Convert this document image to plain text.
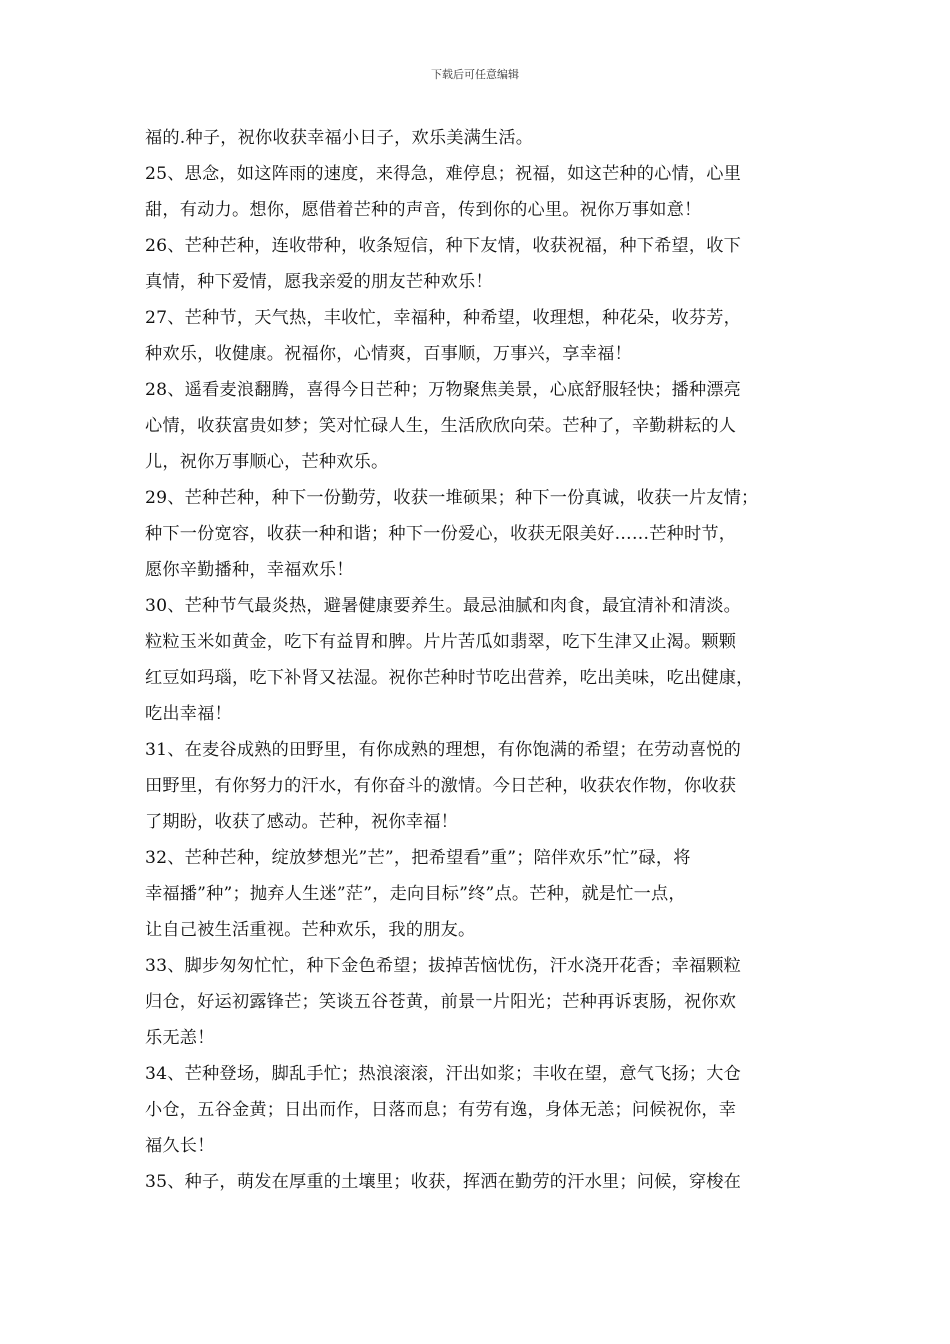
下载后可任意编辑
福的.种子，祝你收获幸福小日子，欢乐美满生活。
25、思念，如这阵雨的速度，来得急，难停息；祝福，如这芒种的心情，心里
甜，有动力。想你，愿借着芒种的声音，传到你的心里。祝你万事如意！
26、芒种芒种，连收带种，收条短信，种下友情，收获祝福，种下希望，收下
真情，种下爱情，愿我亲爱的朋友芒种欢乐！
27、芒种节，天气热，丰收忙，幸福种，种希望，收理想，种花朵，收芬芳，
种欢乐，收健康。祝福你，心情爽，百事顺，万事兴，享幸福！
28、遥看麦浪翻腾，喜得今日芒种；万物聚焦美景，心底舒服轻快；播种漂亮
心情，收获富贵如梦；笑对忙碌人生，生活欣欣向荣。芒种了，辛勤耕耘的人
儿，祝你万事顺心，芒种欢乐。
29、芒种芒种，种下一份勤劳，收获一堆硕果；种下一份真诚，收获一片友情；
种下一份宽容，收获一种和谐；种下一份爱心，收获无限美好……芒种时节，
愿你辛勤播种，幸福欢乐！
30、芒种节气最炎热，避暑健康要养生。最忌油腻和肉食，最宜清补和清淡。
粒粒玉米如黄金，吃下有益胃和脾。片片苦瓜如翡翠，吃下生津又止渴。颗颗
红豆如玛瑙，吃下补肾又祛湿。祝你芒种时节吃出营养，吃出美味，吃出健康，
吃出幸福！
31、在麦谷成熟的田野里，有你成熟的理想，有你饱满的希望；在劳动喜悦的
田野里，有你努力的汗水，有你奋斗的激情。今日芒种，收获农作物，你收获
了期盼，收获了感动。芒种，祝你幸福！
32、芒种芒种，绽放梦想光”芒”，把希望看”重”；陪伴欢乐”忙”碌，将
幸福播”种”；抛弃人生迷”茫”，走向目标”终”点。芒种，就是忙一点，
让自己被生活重视。芒种欢乐，我的朋友。
33、脚步匆匆忙忙，种下金色希望；拔掉苦恼忧伤，汗水浇开花香；幸福颗粒
归仓，好运初露锋芒；笑谈五谷苍黄，前景一片阳光；芒种再诉衷肠，祝你欢
乐无恙！
34、芒种登场，脚乱手忙；热浪滚滚，汗出如浆；丰收在望，意气飞扬；大仓
小仓，五谷金黄；日出而作，日落而息；有劳有逸，身体无恙；问候祝你，幸
福久长！
35、种子，萌发在厚重的土壤里；收获，挥洒在勤劳的汗水里；问候，穿梭在
